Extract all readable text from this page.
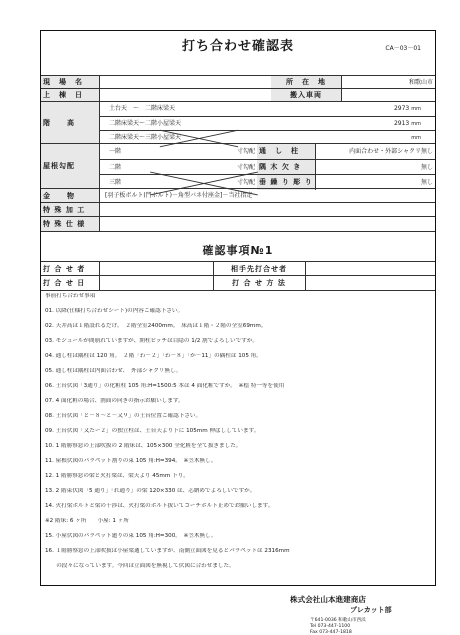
打ち合わせ確認表	CA－03－01
現　場　名	所　在　地	和歌山市
上　棟　日	搬入車両
階　　高
土台天　～　二階床梁天	2973 mm
二階床梁天～二階小屋梁天	2913 mm
二階床梁天～三階小屋梁天	mm
屋根勾配
一階	寸勾配 通　し　柱	内面合わせ・外部シャクリ無し
二階	寸勾配 隅 木 欠 き	無し
三階	寸勾配 垂 繰 り 彫 り	無し
金　　物	[羽子板ボルト(門ボルト)－角型バネ付座金]－当社指定
特 殊 加 工
特 殊 仕 様
確認事項№1
打 合 せ 者	相手先打合せ者
打 合 せ 日	打 合 せ 方 法
事前打ち合わせ事項
01. 以降(仕様打ち合わせシート)の内容ご確認下さい。
02. 天井高は１階設れるだけ。　２階全室2400mm。　床高は１階・２階の全室69mm。
03. モジュールが間崩れていますが、開柱ピッチは目隠の 1/2 割でよろしいですか。
04. 通し柱は隅柱は 120 角。　２階「わ－２」「わ－８」「か－11」の隅柱は 105 角。
05. 通し柱は隅柱は内面合わせ、　外部シャクリ無し。
06. 土台伏図「3通り」の化粧柱 105 角:H=1500:5 本は 4 面化粧ですか。　※桧 特一等を使用
07. 4 面化粧の場合、割面の向きの指示お願いします。
08. 土台伏図「と－８～と－又９」の土台位置ご確認下さい。
09. 土台伏図「又たー２」の独立柱は、土台天より下に 105mm 伸ばししています。
10. 1 階勝察窓の上部吹抜の 2 階床は、105×300 全化粧を全て抜きました。
11. 屋根伏図のパラペット割りの束 105 角:H=394。　※笠木無し。
12. 1 階勝察窓の梁と火打梁は、梁天より 45mm 下り。
13. 2 階束伏図「5 通り」「れ通り」の梁 120×330 は、芯納めでよろしいですか。
14. 火打梁ボルトと梁の干渉は、火打梁のボルト抜いてコーチボルト止めでお願いします。
※2 階床: 6 ヶ所　　小屋: 1 ヶ所
15. 小屋伏図のパラペット廻りの束 105 角:H=300。　※笠木無し。
16. １階勝察窓の上部吹抜は小屋梁通していますが、南側立面図を見るとパラペットは 2316mm
　　の段々になっています。今回は立面図を無視して伏図に合わせました。
株式会社山本進建商店
プレカット部
〒641-0036 和歌山市西浜
Tel 073-447-1100
Fax 073-447-1818
